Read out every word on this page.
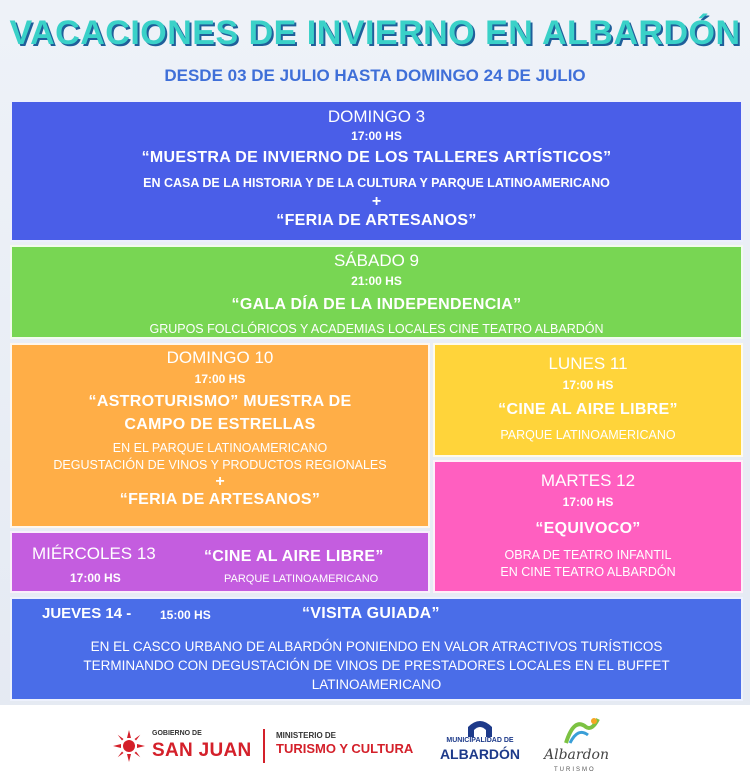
VACACIONES DE INVIERNO EN ALBARDÓN
DESDE 03 DE JULIO HASTA DOMINGO 24 DE JULIO
DOMINGO 3
17:00 HS
“MUESTRA DE INVIERNO DE LOS TALLERES ARTÍSTICOS”
EN CASA DE LA HISTORIA Y DE LA CULTURA Y PARQUE LATINOAMERICANO
+
“FERIA DE ARTESANOS”
SÁBADO 9
21:00 HS
“GALA DÍA DE LA INDEPENDENCIA”
GRUPOS FOLCLÓRICOS Y ACADEMIAS LOCALES CINE TEATRO ALBARDÓN
DOMINGO 10
17:00 HS
“ASTROTURISMO” MUESTRA DE
CAMPO DE ESTRELLAS
EN EL PARQUE LATINOAMERICANO
DEGUSTACIÓN DE VINOS Y PRODUCTOS REGIONALES
+
“FERIA DE ARTESANOS”
LUNES 11
17:00 HS
“CINE AL AIRE LIBRE”
PARQUE LATINOAMERICANO
MARTES 12
17:00 HS
“EQUIVOCO”
OBRA DE TEATRO INFANTIL
EN CINE TEATRO ALBARDÓN
MIÉRCOLES 13
17:00 HS
“CINE AL AIRE LIBRE”
PARQUE LATINOAMERICANO
JUEVES 14 - 15:00 HS	“VISITA GUIADA”
EN EL CASCO URBANO DE ALBARDÓN PONIENDO EN VALOR ATRACTIVOS TURÍSTICOS
TERMINANDO CON DEGUSTACIÓN DE VINOS DE PRESTADORES LOCALES EN EL BUFFET
LATINOAMERICANO
GOBIERNO DE
SAN JUAN
MINISTERIO DE
TURISMO Y CULTURA
MUNICIPALIDAD DE
ALBARDÓN	Albardon
TURISMO
